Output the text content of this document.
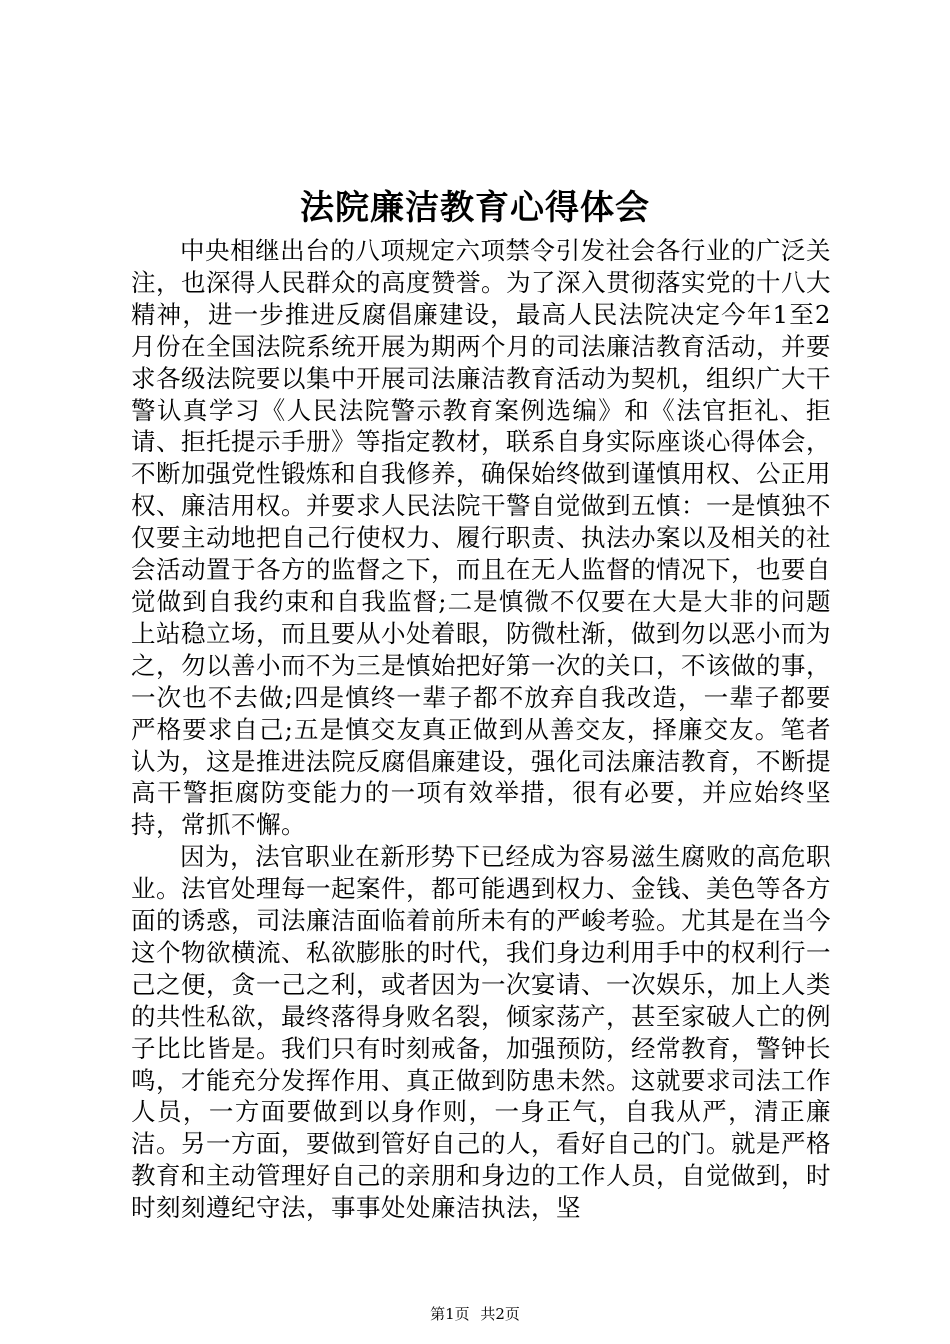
法院廉洁教育心得体会

中央相继出台的八项规定六项禁令引发社会各行业的广泛关注，也深得人民群众的高度赞誉。为了深入贯彻落实党的十八大精神，进一步推进反腐倡廉建设，最高人民法院决定今年1至2月份在全国法院系统开展为期两个月的司法廉洁教育活动，并要求各级法院要以集中开展司法廉洁教育活动为契机，组织广大干警认真学习《人民法院警示教育案例选编》和《法官拒礼、拒请、拒托提示手册》等指定教材，联系自身实际座谈心得体会，不断加强党性锻炼和自我修养，确保始终做到谨慎用权、公正用权、廉洁用权。并要求人民法院干警自觉做到五慎：一是慎独不仅要主动地把自己行使权力、履行职责、执法办案以及相关的社会活动置于各方的监督之下，而且在无人监督的情况下，也要自觉做到自我约束和自我监督;二是慎微不仅要在大是大非的问题上站稳立场，而且要从小处着眼，防微杜渐，做到勿以恶小而为之，勿以善小而不为三是慎始把好第一次的关口，不该做的事，一次也不去做;四是慎终一辈子都不放弃自我改造，一辈子都要严格要求自己;五是慎交友真正做到从善交友，择廉交友。笔者认为，这是推进法院反腐倡廉建设，强化司法廉洁教育，不断提高干警拒腐防变能力的一项有效举措，很有必要，并应始终坚持，常抓不懈。

因为，法官职业在新形势下已经成为容易滋生腐败的高危职业。法官处理每一起案件，都可能遇到权力、金钱、美色等各方面的诱惑，司法廉洁面临着前所未有的严峻考验。尤其是在当今这个物欲横流、私欲膨胀的时代，我们身边利用手中的权利行一己之便，贪一己之利，或者因为一次宴请、一次娱乐，加上人类的共性私欲，最终落得身败名裂，倾家荡产，甚至家破人亡的例子比比皆是。我们只有时刻戒备，加强预防，经常教育，警钟长鸣，才能充分发挥作用、真正做到防患未然。这就要求司法工作人员，一方面要做到以身作则，一身正气，自我从严，清正廉洁。另一方面，要做到管好自己的人，看好自己的门。就是严格教育和主动管理好自己的亲朋和身边的工作人员，自觉做到，时时刻刻遵纪守法，事事处处廉洁执法，坚

第1页 共2页
